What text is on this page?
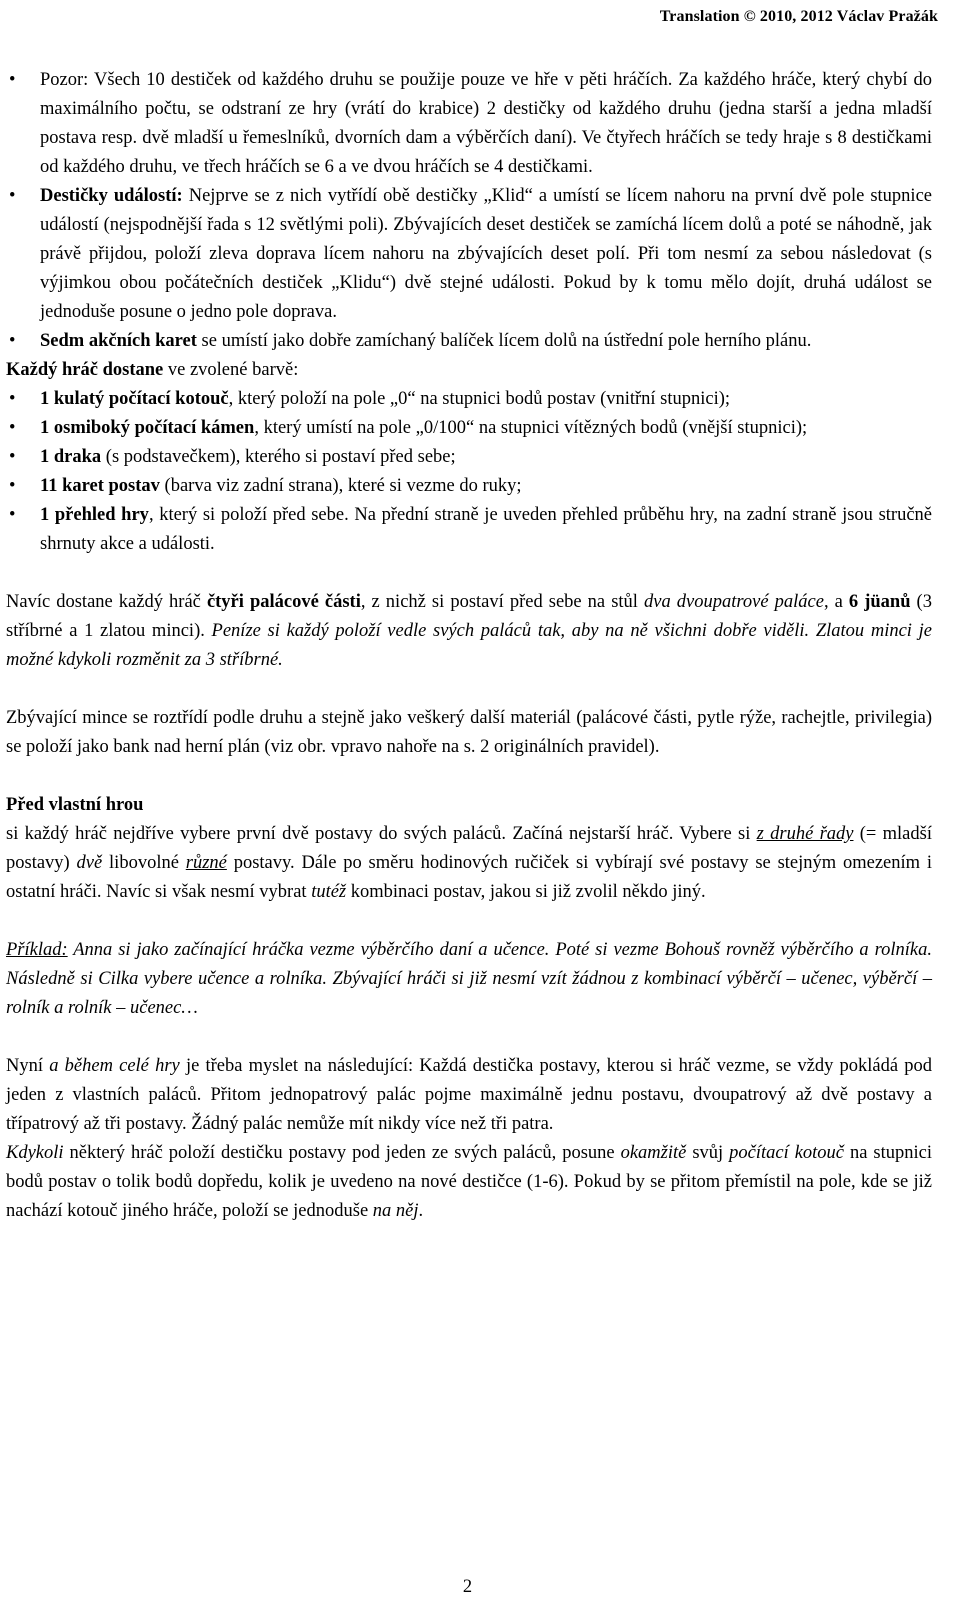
Translation © 2010, 2012 Václav Pražák
• Pozor: Všech 10 destiček od každého druhu se použije pouze ve hře v pěti hráčích. Za každého hráče, který chybí do maximálního počtu, se odstraní ze hry (vrátí do krabice) 2 destičky od každého druhu (jedna starší a jedna mladší postava resp. dvě mladší u řemeslníků, dvorních dam a výběrčích daní). Ve čtyřech hráčích se tedy hraje s 8 destičkami od každého druhu, ve třech hráčích se 6 a ve dvou hráčích se 4 destičkami.
• Destičky událostí: Nejprve se z nich vytřídí obě destičky „Klid“ a umístí se lícem nahoru na první dvě pole stupnice událostí (nejspodnější řada s 12 světlými poli). Zbývajících deset destiček se zamíchá lícem dolů a poté se náhodně, jak právě přijdou, položí zleva doprava lícem nahoru na zbývajících deset polí. Při tom nesmí za sebou následovat (s výjimkou obou počátečních destiček „Klidu“) dvě stejné události. Pokud by k tomu mělo dojít, druhá událost se jednoduše posune o jedno pole doprava.
• Sedm akčních karet se umístí jako dobře zamíchaný balíček lícem dolů na ústřední pole herního plánu.

Každý hráč dostane ve zvolené barvě:

• 1 kulatý počítací kotouč, který položí na pole „0“ na stupnici bodů postav (vnitřní stupnici);
• 1 osmiboký počítací kámen, který umístí na pole „0/100“ na stupnici vítězných bodů (vnější stupnici);
• 1 draka (s podstavečkem), kterého si postaví před sebe;
• 11 karet postav (barva viz zadní strana), které si vezme do ruky;
• 1 přehled hry, který si položí před sebe. Na přední straně je uveden přehled průběhu hry, na zadní straně jsou stručně shrnuty akce a události.

Navíc dostane každý hráč čtyři palácové části, z nichž si postaví před sebe na stůl dva dvoupatrové paláce, a 6 jüanů (3 stříbrné a 1 zlatou minci). Peníze si každý položí vedle svých paláců tak, aby na ně všichni dobře viděli. Zlatou minci je možné kdykoli rozměnit za 3 stříbrné.

Zbývající mince se roztřídí podle druhu a stejně jako veškerý další materiál (palácové části, pytle rýže, rachejtle, privilegia) se položí jako bank nad herní plán (viz obr. vpravo nahoře na s. 2 originálních pravidel).

Před vlastní hrou
si každý hráč nejdříve vybere první dvě postavy do svých paláců. Začíná nejstarší hráč. Vybere si z druhé řady (= mladší postavy) dvě libovolné různé postavy. Dále po směru hodinových ručiček si vybírají své postavy se stejným omezením i ostatní hráči. Navíc si však nesmí vybrat tutéž kombinaci postav, jakou si již zvolil někdo jiný.

Příklad: Anna si jako začínající hráčka vezme výběrčího daní a učence. Poté si vezme Bohouš rovněž výběrčího a rolníka. Následně si Cilka vybere učence a rolníka. Zbývající hráči si již nesmí vzít žádnou z kombinací výběrčí – učenec, výběrčí – rolník a rolník – učenec…

Nyní a během celé hry je třeba myslet na následující: Každá destička postavy, kterou si hráč vezme, se vždy pokládá pod jeden z vlastních paláců. Přitom jednopatrový palác pojme maximálně jednu postavu, dvoupatrový až dvě postavy a třípatrový až tři postavy. Žádný palác nemůže mít nikdy více než tři patra.

Kdykoli některý hráč položí destičku postavy pod jeden ze svých paláců, posune okamžitě svůj počítací kotouč na stupnici bodů postav o tolik bodů dopředu, kolik je uvedeno na nové destičce (1-6). Pokud by se přitom přemístil na pole, kde se již nachází kotouč jiného hráče, položí se jednoduše na něj.

2
